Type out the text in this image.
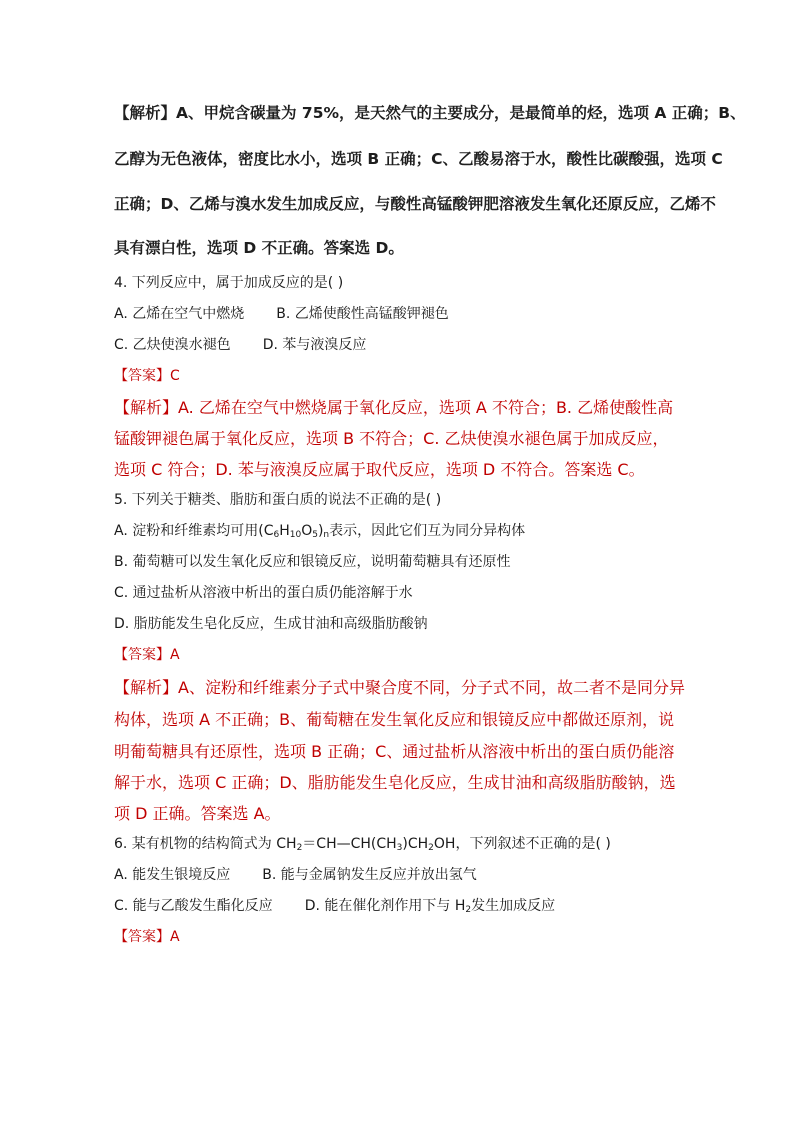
【解析】A、甲烷含碳量为 75%，是天然气的主要成分，是最简单的烃，选项 A 正确；B、
乙醇为无色液体，密度比水小，选项 B 正确；C、乙酸易溶于水，酸性比碳酸强，选项 C
正确；D、乙烯与溴水发生加成反应，与酸性高锰酸钾肥溶液发生氧化还原反应，乙烯不
具有漂白性，选项 D 不正确。答案选 D。
4. 下列反应中，属于加成反应的是( )
A. 乙烯在空气中燃烧 B. 乙烯使酸性高锰酸钾褪色
C. 乙炔使溴水褪色 D. 苯与液溴反应
【答案】C
【解析】A. 乙烯在空气中燃烧属于氧化反应，选项 A 不符合；B. 乙烯使酸性高
锰酸钾褪色属于氧化反应，选项 B 不符合；C. 乙炔使溴水褪色属于加成反应，
选项 C 符合；D. 苯与液溴反应属于取代反应，选项 D 不符合。答案选 C。
5. 下列关于糖类、脂肪和蛋白质的说法不正确的是( )
A. 淀粉和纤维素均可用$(C_6H_{10}O_5)_n$表示，因此它们互为同分异构体
B. 葡萄糖可以发生氧化反应和银镜反应，说明葡萄糖具有还原性
C. 通过盐析从溶液中析出的蛋白质仍能溶解于水
D. 脂肪能发生皂化反应，生成甘油和高级脂肪酸钠
【答案】A
【解析】A、淀粉和纤维素分子式中聚合度不同，分子式不同，故二者不是同分异
构体，选项 A 不正确；B、葡萄糖在发生氧化反应和银镜反应中都做还原剂，说
明葡萄糖具有还原性，选项 B 正确；C、通过盐析从溶液中析出的蛋白质仍能溶
解于水，选项 C 正确；D、脂肪能发生皂化反应，生成甘油和高级脂肪酸钠，选
项 D 正确。答案选 A。
6. 某有机物的结构简式为 $CH_2=CH—CH(CH_3)CH_2OH$，下列叙述不正确的是( )
A. 能发生银境反应 B. 能与金属钠发生反应并放出氢气
C. 能与乙酸发生酯化反应 D. 能在催化剂作用下与 $H_2$发生加成反应
【答案】A
